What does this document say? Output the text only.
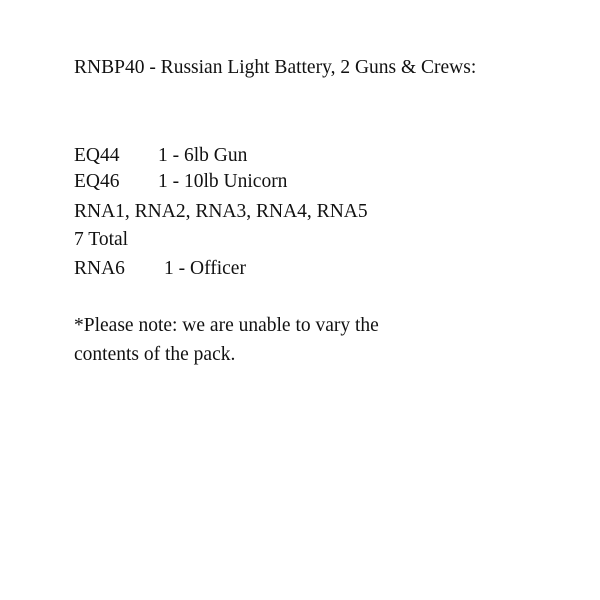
RNBP40 - Russian Light Battery, 2 Guns & Crews:
EQ44 1 - 6lb Gun
EQ46 1 - 10lb Unicorn
RNA1, RNA2, RNA3, RNA4, RNA5
7 Total
RNA6 1 - Officer
*Please note: we are unable to vary the
contents of the pack.
